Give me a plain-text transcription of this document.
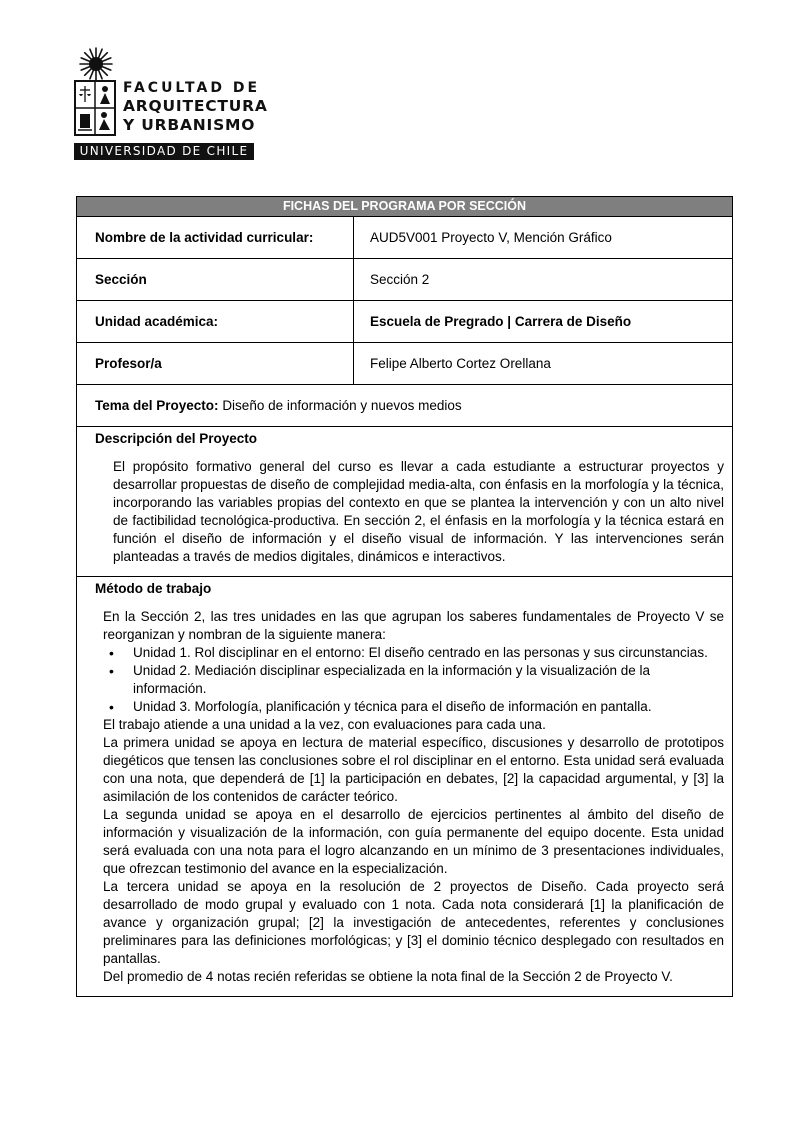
FACULTAD DE
ARQUITECTURA
Y URBANISMO
UNIVERSIDAD DE CHILE
FICHAS DEL PROGRAMA POR SECCIÓN
Nombre de la actividad curricular:	AUD5V001 Proyecto V, Mención Gráfico
Sección	Sección 2
Unidad académica:	Escuela de Pregrado | Carrera de Diseño
Profesor/a	Felipe Alberto Cortez Orellana
Tema del Proyecto: Diseño de información y nuevos medios
Descripción del Proyecto

El propósito formativo general del curso es llevar a cada estudiante a estructurar proyectos y desarrollar propuestas de diseño de complejidad media-alta, con énfasis en la morfología y la técnica, incorporando las variables propias del contexto en que se plantea la intervención y con un alto nivel de factibilidad tecnológica-productiva. En sección 2, el énfasis en la morfología y la técnica estará en función el diseño de información y el diseño visual de información. Y las intervenciones serán planteadas a través de medios digitales, dinámicos e interactivos.

Método de trabajo

En la Sección 2, las tres unidades en las que agrupan los saberes fundamentales de Proyecto V se reorganizan y nombran de la siguiente manera:

• Unidad 1. Rol disciplinar en el entorno: El diseño centrado en las personas y sus circunstancias.
• Unidad 2. Mediación disciplinar especializada en la información y la visualización de la información.
• Unidad 3. Morfología, planificación y técnica para el diseño de información en pantalla.

El trabajo atiende a una unidad a la vez, con evaluaciones para cada una.

La primera unidad se apoya en lectura de material específico, discusiones y desarrollo de prototipos diegéticos que tensen las conclusiones sobre el rol disciplinar en el entorno. Esta unidad será evaluada con una nota, que dependerá de [1] la participación en debates, [2] la capacidad argumental, y [3] la asimilación de los contenidos de carácter teórico.

La segunda unidad se apoya en el desarrollo de ejercicios pertinentes al ámbito del diseño de información y visualización de la información, con guía permanente del equipo docente. Esta unidad será evaluada con una nota para el logro alcanzando en un mínimo de 3 presentaciones individuales, que ofrezcan testimonio del avance en la especialización.

La tercera unidad se apoya en la resolución de 2 proyectos de Diseño. Cada proyecto será desarrollado de modo grupal y evaluado con 1 nota. Cada nota considerará [1] la planificación de avance y organización grupal; [2] la investigación de antecedentes, referentes y conclusiones preliminares para las definiciones morfológicas; y [3] el dominio técnico desplegado con resultados en pantallas.

Del promedio de 4 notas recién referidas se obtiene la nota final de la Sección 2 de Proyecto V.
